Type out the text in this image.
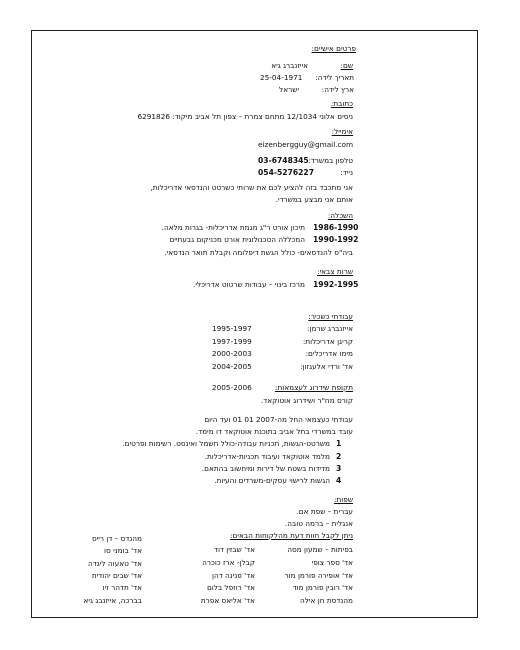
פרטים אישיים:
שם:
אייזנברג גיא
תאריך לידה:
25-04-1971
ארץ לידה:
ישראל
כתובת:
ניסים אלוני 12/1034 מתחם צמרת – צפון תל אביב מיקוד: 6291826
אימייל:
eizenbergguy@gmail.com
טלפון במשרד:
03-6748345
נייד:
054-5276227
אני מתכבד בזה להציע לכם את שרותי כשרטט והנדסאי אדריכלות,
אותם אני מבצע במשרדי.
השכלה:
1986-1990
תיכון אורט ר"ג מגמת אדריכלות- בגרות מלאה.
1990-1992
המכללה הטכנולוגית אורט מכניקום גבעתיים
ביה"ס להנדסאים- כולל הגשת דיפלומה וקבלת תואר הנדסאי.
שרות צבאי:
1992-1995
מרכז בינוי – עבודות שרטוט אדריכלי.
עבודתי כשכיר:
אייזנברג שרמן:
1995-1997
קריגן אדריכלות:
1997-1999
מימו אדריכלים:
2000-2003
אד' ורדי אלעגזון:
2004-2005
תקופת שידרוג לעצמאות:
2005-2006
קורס מח"ר ושידרוג אוטוקאד.
עבודתי כעצמאי החל מה-2007 01 01 ועד היום
עובד במשרדי בתל אביב בתוכנת אוטוקאד דו מימד.
1
משרטט-הגשות, תכניות עבודה-כולל חשמל ואינסט. רשימות ופרטים.
2
מלמד אוטוקאד ועיבוד תכניות-אדריכלות.
3
מדידות בשטח של דירות ומיחשוב בהתאם.
4
הגשות לרישוי עסקים-משרדים והעיות.
שפות:
עברית – שפת אם.
אנגלית – ברמה טובה.
ניתן לקבל חוות דעת מהלקוחות הבאים:
בפיתות – שמעון מסה
אד' ספר צופי
אד' אופירה פורמן מור
אד' רובין פורמן מוד
מהנדסת חן אילה
אד' שבזין דוד
קבלן- ארז כוכרה
אד' פנינה דהן
אד' רוזפל בלום
אד' אליאס אפרת
מהנדס – דן רייס
אד' בומני סו
אד' טאעוה ליגדה
אד' שבים יהודית
אד' תדהר זיו
בברכה, אייזנבג גיא
